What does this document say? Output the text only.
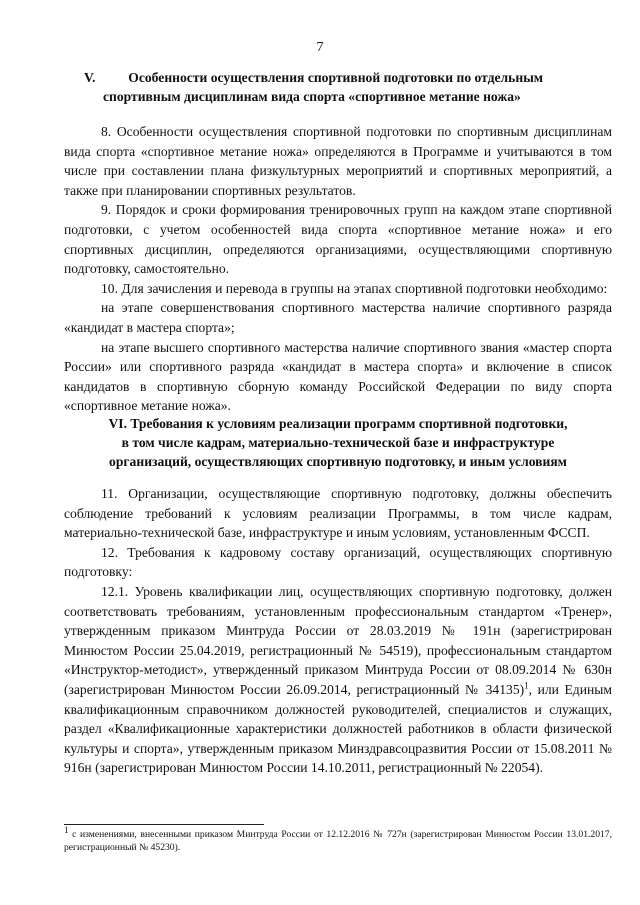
7
V. Особенности осуществления спортивной подготовки по отдельным
спортивным дисциплинам вида спорта «спортивное метание ножа»

8. Особенности осуществления спортивной подготовки по спортивным дисциплинам вида спорта «спортивное метание ножа» определяются в Программе и учитываются в том числе при составлении плана физкультурных мероприятий и спортивных мероприятий, а также при планировании спортивных результатов.

9. Порядок и сроки формирования тренировочных групп на каждом этапе спортивной подготовки, с учетом особенностей вида спорта «спортивное метание ножа» и его спортивных дисциплин, определяются организациями, осуществляющими спортивную подготовку, самостоятельно.

10. Для зачисления и перевода в группы на этапах спортивной подготовки необходимо:

на этапе совершенствования спортивного мастерства наличие спортивного разряда «кандидат в мастера спорта»;

на этапе высшего спортивного мастерства наличие спортивного звания «мастер спорта России» или спортивного разряда «кандидат в мастера спорта» и включение в список кандидатов в спортивную сборную команду Российской Федерации по виду спорта «спортивное метание ножа».

VI. Требования к условиям реализации программ спортивной подготовки,
в том числе кадрам, материально-технической базе и инфраструктуре
организаций, осуществляющих спортивную подготовку, и иным условиям

11. Организации, осуществляющие спортивную подготовку, должны обеспечить соблюдение требований к условиям реализации Программы, в том числе кадрам, материально-технической базе, инфраструктуре и иным условиям, установленным ФССП.

12. Требования к кадровому составу организаций, осуществляющих спортивную подготовку:

12.1. Уровень квалификации лиц, осуществляющих спортивную подготовку, должен соответствовать требованиям, установленным профессиональным стандартом «Тренер», утвержденным приказом Минтруда России от 28.03.2019 № 191н (зарегистрирован Минюстом России 25.04.2019, регистрационный № 54519), профессиональным стандартом «Инструктор-методист», утвержденный приказом Минтруда России от 08.09.2014 № 630н (зарегистрирован Минюстом России 26.09.2014, регистрационный № 34135)$^1$, или Единым квалификационным справочником должностей руководителей, специалистов и служащих, раздел «Квалификационные характеристики должностей работников в области физической культуры и спорта», утвержденным приказом Минздравсоцразвития России от 15.08.2011 № 916н (зарегистрирован Минюстом России 14.10.2011, регистрационный № 22054).

$^1$ с изменениями, внесенными приказом Минтруда России от 12.12.2016 № 727н (зарегистрирован Минюстом России 13.01.2017, регистрационный № 45230).
